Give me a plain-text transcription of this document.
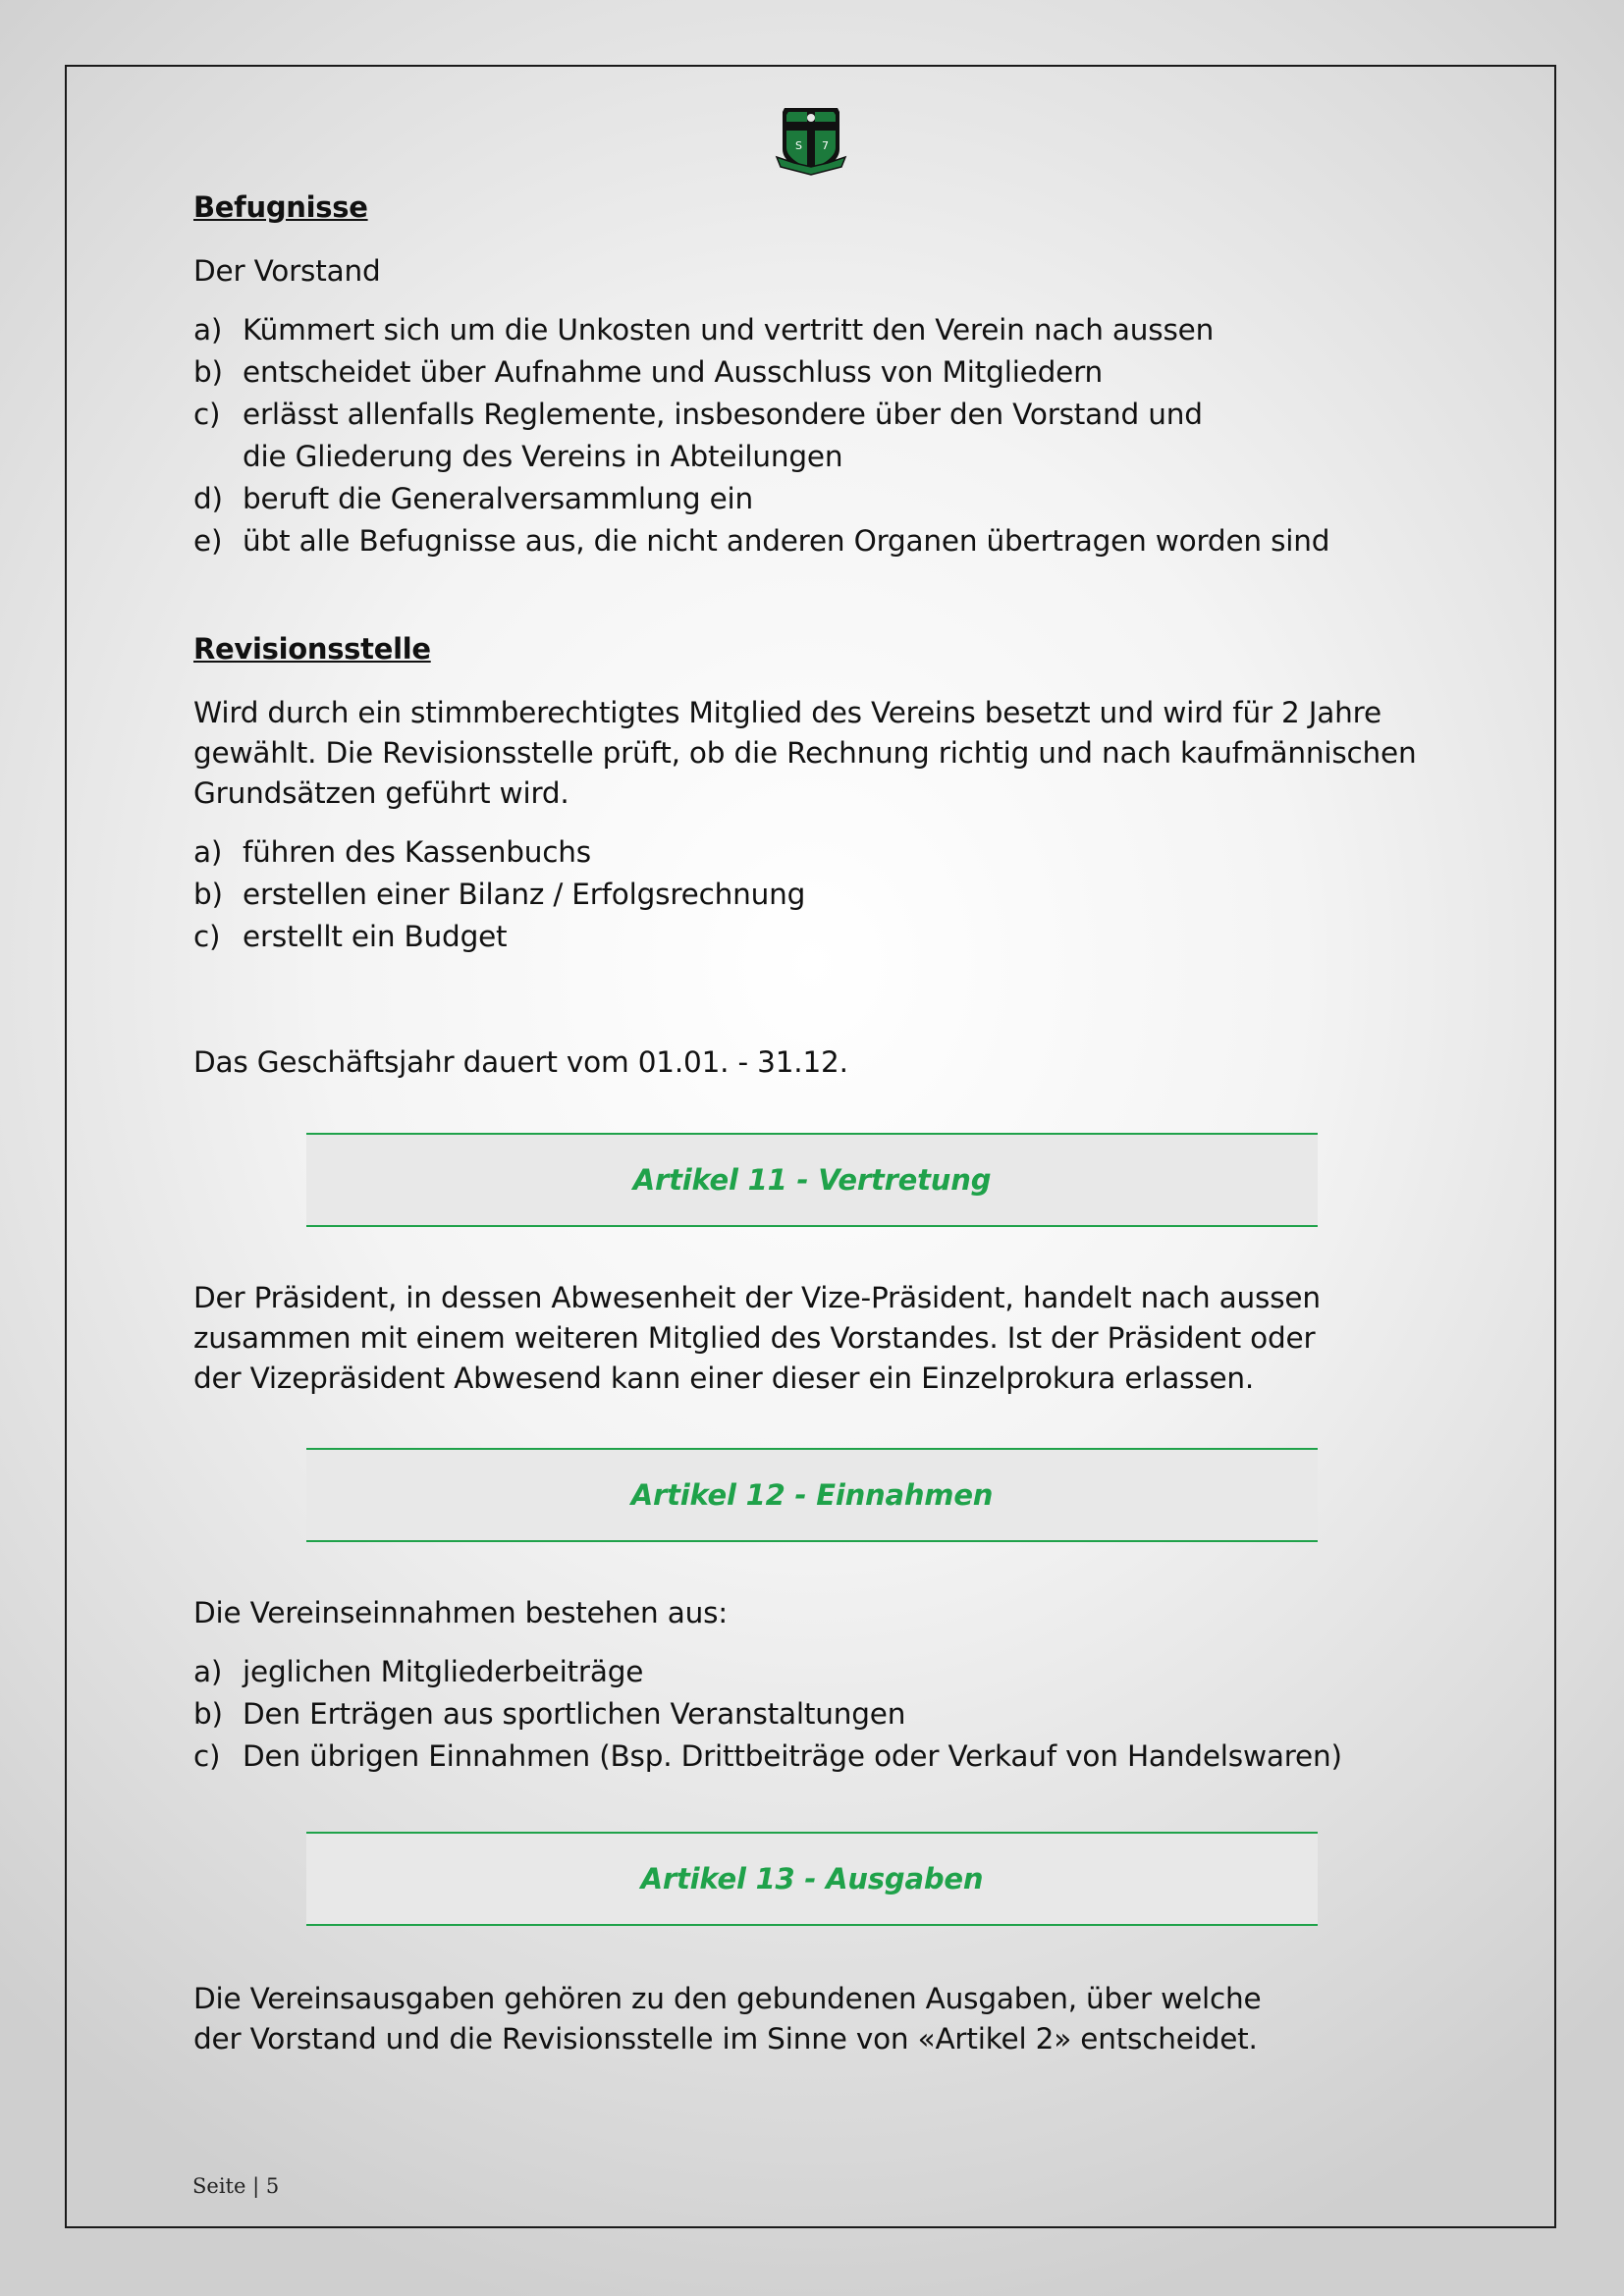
S 7
Befugnisse
Der Vorstand
a) Kümmert sich um die Unkosten und vertritt den Verein nach aussen
b) entscheidet über Aufnahme und Ausschluss von Mitgliedern
c) erlässt allenfalls Reglemente, insbesondere über den Vorstand und
die Gliederung des Vereins in Abteilungen
d) beruft die Generalversammlung ein
e) übt alle Befugnisse aus, die nicht anderen Organen übertragen worden sind
Revisionsstelle
Wird durch ein stimmberechtigtes Mitglied des Vereins besetzt und wird für 2 Jahre
gewählt. Die Revisionsstelle prüft, ob die Rechnung richtig und nach kaufmännischen
Grundsätzen geführt wird.
a) führen des Kassenbuchs
b) erstellen einer Bilanz / Erfolgsrechnung
c) erstellt ein Budget
Das Geschäftsjahr dauert vom 01.01. - 31.12.
Artikel 11 - Vertretung
Der Präsident, in dessen Abwesenheit der Vize-Präsident, handelt nach aussen
zusammen mit einem weiteren Mitglied des Vorstandes. Ist der Präsident oder
der Vizepräsident Abwesend kann einer dieser ein Einzelprokura erlassen.
Artikel 12 - Einnahmen
Die Vereinseinnahmen bestehen aus:
a) jeglichen Mitgliederbeiträge
b) Den Erträgen aus sportlichen Veranstaltungen
c) Den übrigen Einnahmen (Bsp. Drittbeiträge oder Verkauf von Handelswaren)
Artikel 13 - Ausgaben
Die Vereinsausgaben gehören zu den gebundenen Ausgaben, über welche
der Vorstand und die Revisionsstelle im Sinne von «Artikel 2» entscheidet.
Seite | 5
